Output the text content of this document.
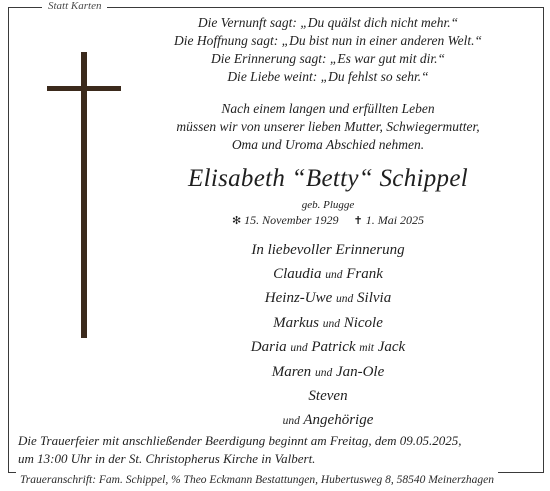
Statt Karten
Die Vernunft sagt: „Du quälst dich nicht mehr.“
Die Hoffnung sagt: „Du bist nun in einer anderen Welt.“
Die Erinnerung sagt: „Es war gut mit dir.“
Die Liebe weint: „Du fehlst so sehr.“
Nach einem langen und erfüllten Leben
müssen wir von unserer lieben Mutter, Schwiegermutter,
Oma und Uroma Abschied nehmen.
Elisabeth “Betty“ Schippel
geb. Plugge
✻ 15. November 1929 ✝ 1. Mai 2025
In liebevoller Erinnerung
Claudia und Frank
Heinz-Uwe und Silvia
Markus und Nicole
Daria und Patrick mit Jack
Maren und Jan-Ole
Steven
und Angehörige
Die Trauerfeier mit anschließender Beerdigung beginnt am Freitag, dem 09.05.2025,
um 13:00 Uhr in der St. Christopherus Kirche in Valbert.
Traueranschrift: Fam. Schippel, % Theo Eckmann Bestattungen, Hubertusweg 8, 58540 Meinerzhagen
